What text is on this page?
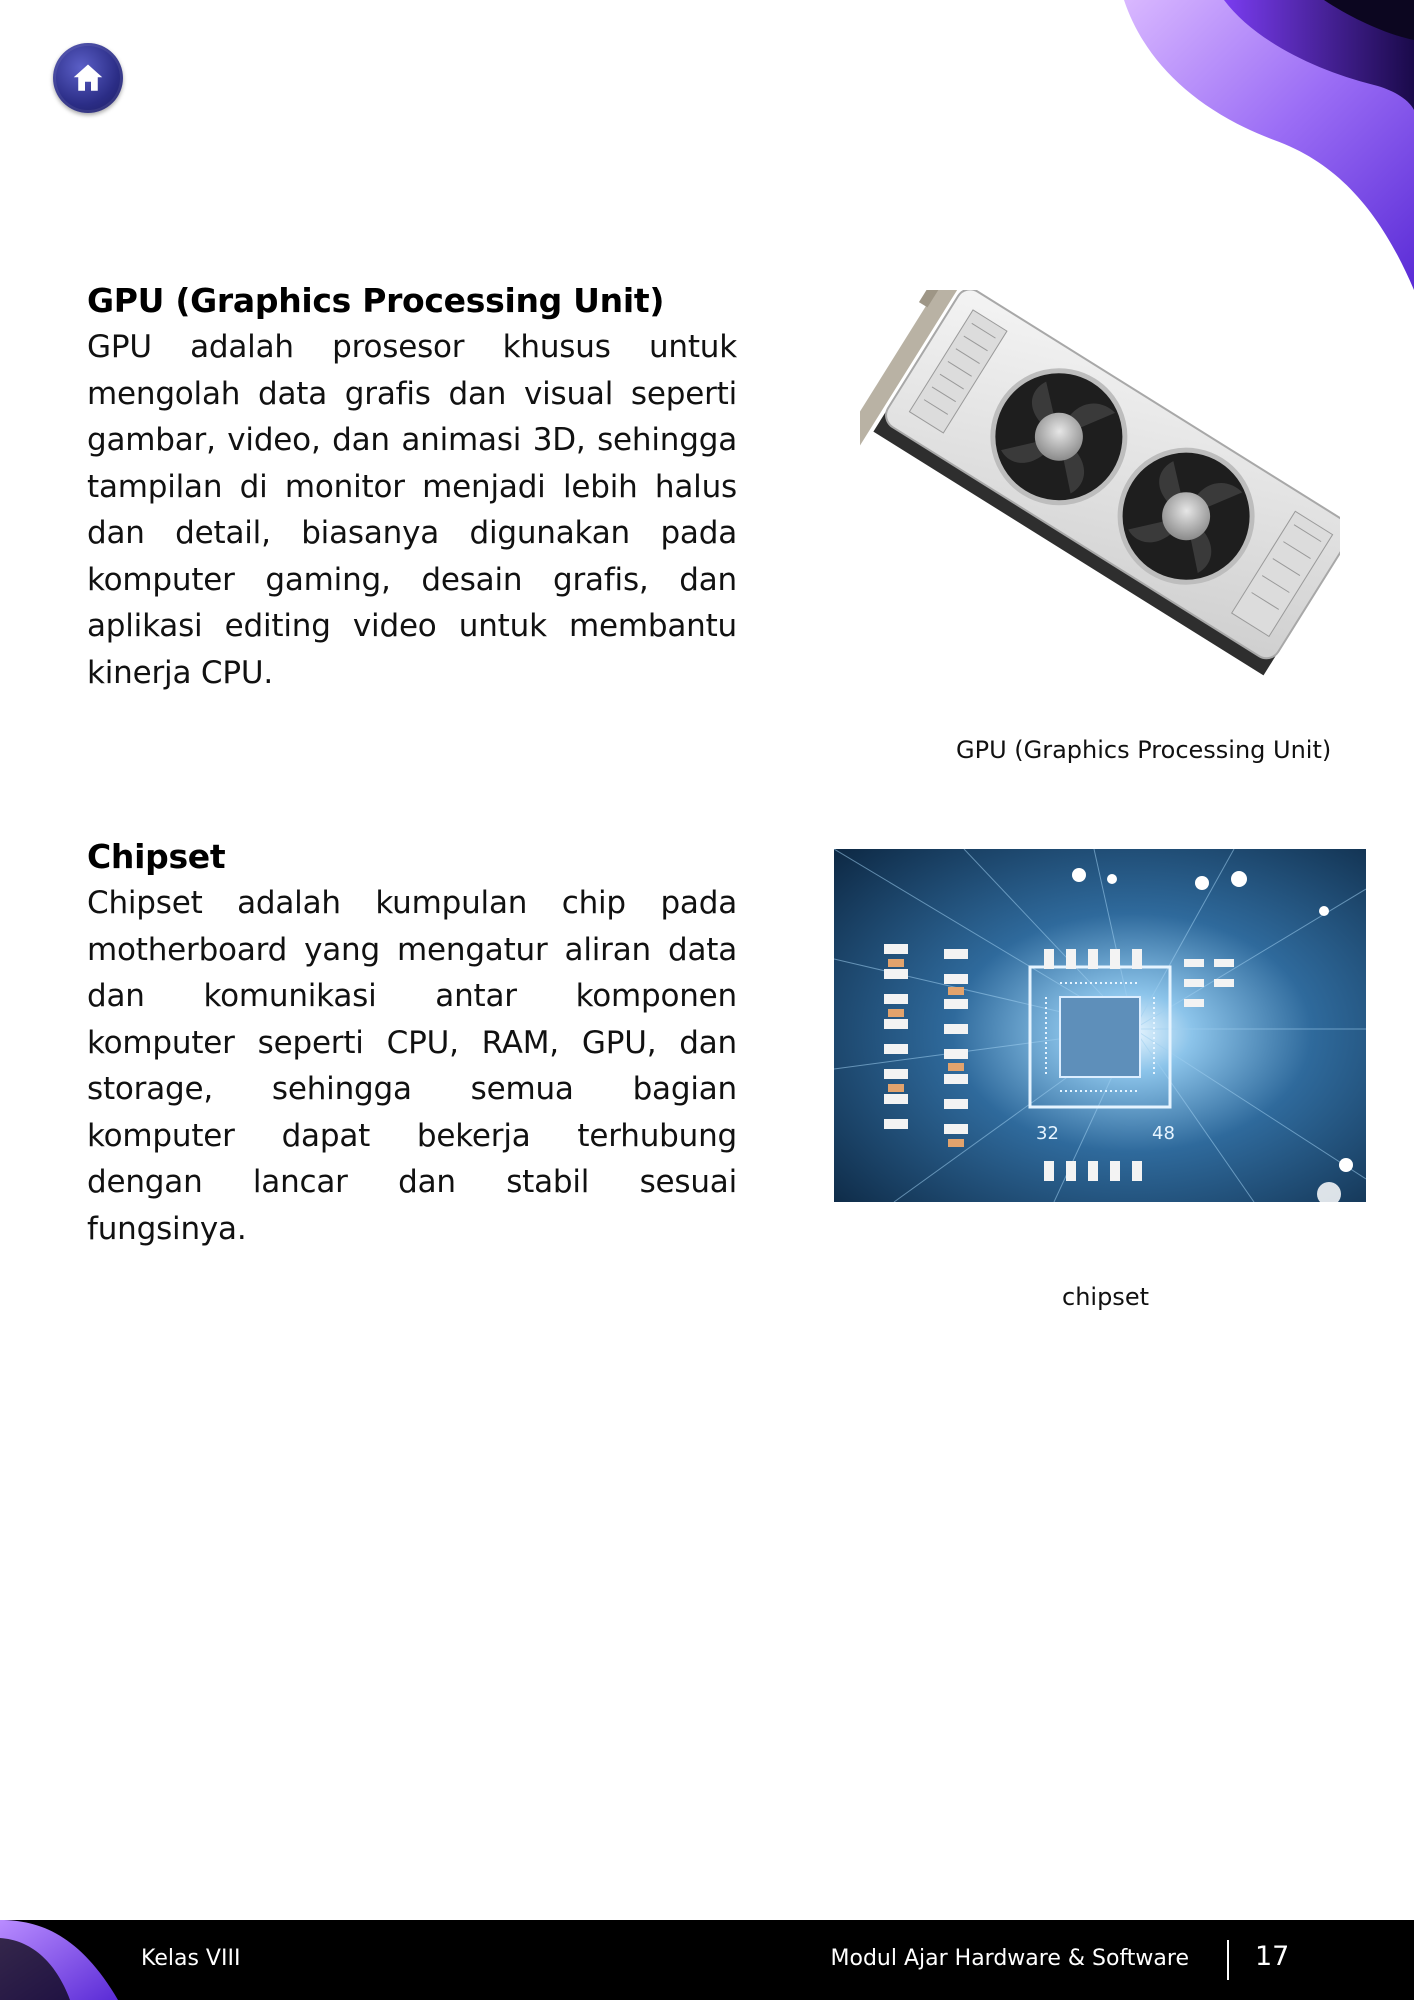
GPU (Graphics Processing Unit)

GPU adalah prosesor khusus untuk mengolah data grafis dan visual seperti gambar, video, dan animasi 3D, sehingga tampilan di monitor menjadi lebih halus dan detail, biasanya digunakan pada komputer gaming, desain grafis, dan aplikasi editing video untuk membantu kinerja CPU.

GPU (Graphics Processing Unit)
Chipset

Chipset adalah kumpulan chip pada motherboard yang mengatur aliran data dan komunikasi antar komponen komputer seperti CPU, RAM, GPU, dan storage, sehingga semua bagian komputer dapat bekerja terhubung dengan lancar dan stabil sesuai fungsinya.

32	48
chipset
Kelas VIII	Modul Ajar Hardware & Software 17
